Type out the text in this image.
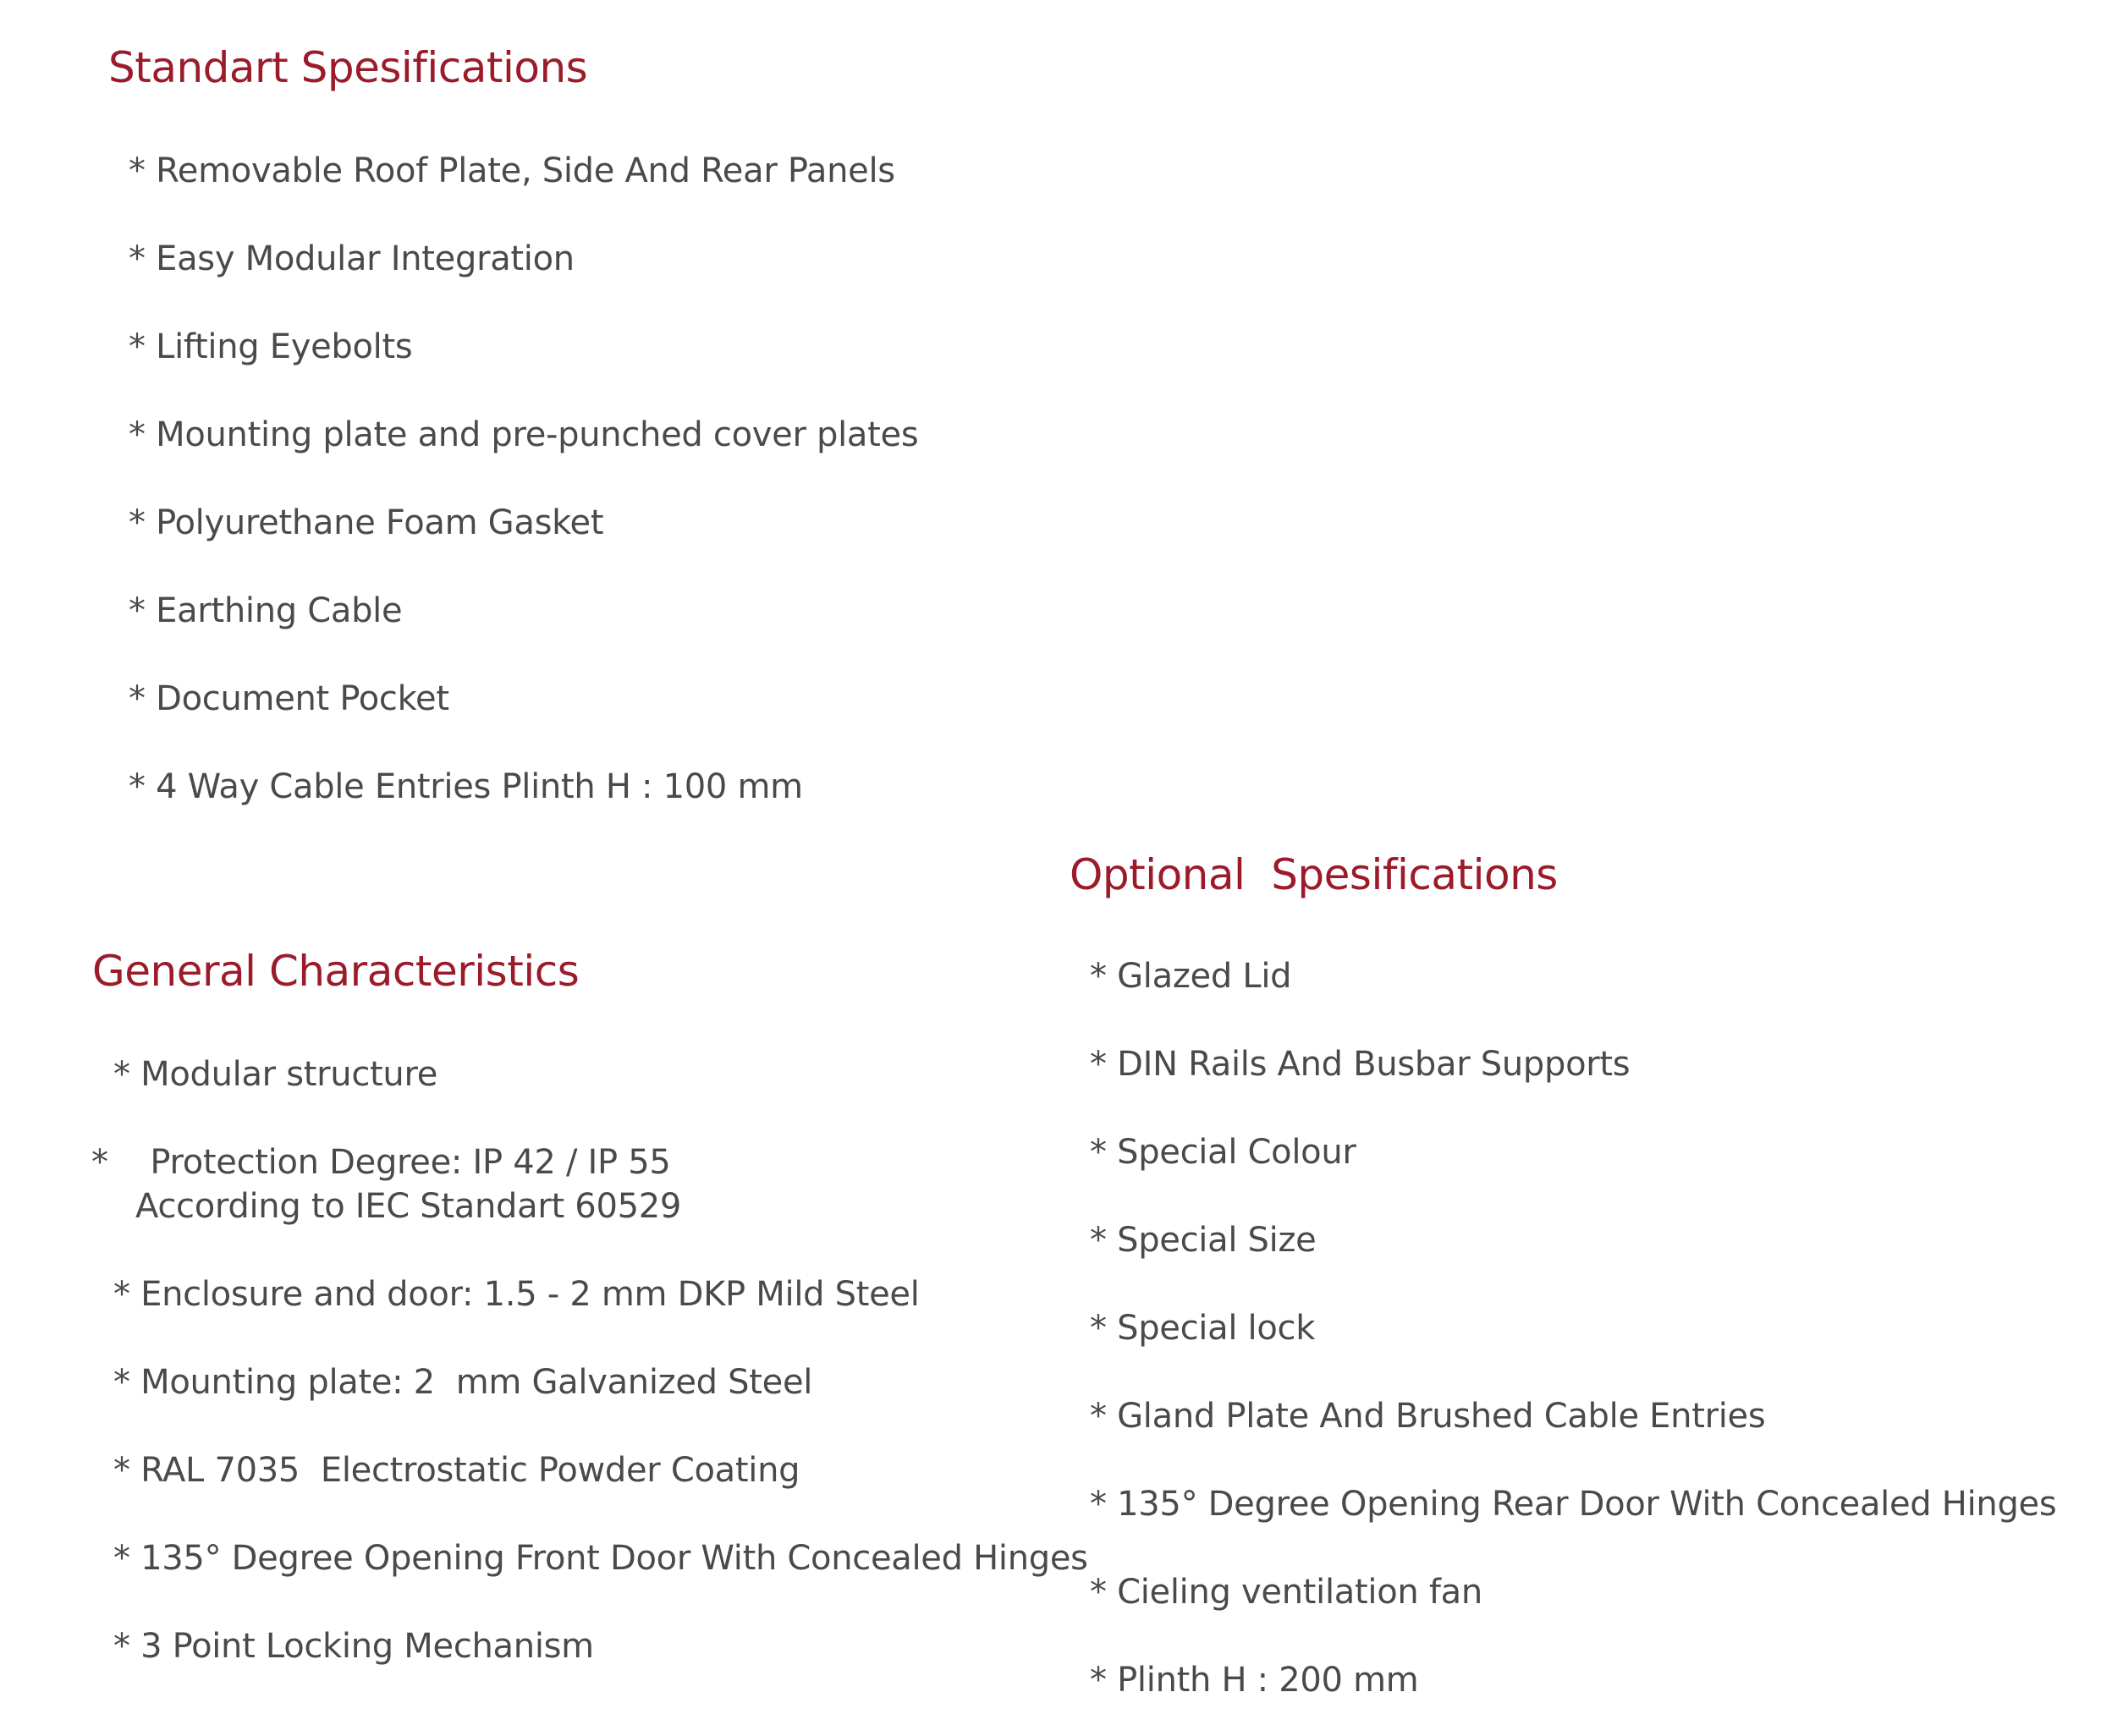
Standart Spesifications
* Removable Roof Plate, Side And Rear Panels
* Easy Modular Integration
* Lifting Eyebolts
* Mounting plate and pre-punched cover plates
* Polyurethane Foam Gasket
* Earthing Cable
* Document Pocket
* 4 Way Cable Entries Plinth H : 100 mm
General Characteristics
* Modular structure
*    Protection Degree: IP 42 / IP 55
According to IEC Standart 60529
* Enclosure and door: 1.5 - 2 mm DKP Mild Steel
* Mounting plate: 2  mm Galvanized Steel
* RAL 7035  Electrostatic Powder Coating
* 135° Degree Opening Front Door With Concealed Hinges
* 3 Point Locking Mechanism
Optional  Spesifications
* Glazed Lid
* DIN Rails And Busbar Supports
* Special Colour
* Special Size
* Special lock
* Gland Plate And Brushed Cable Entries
* 135° Degree Opening Rear Door With Concealed Hinges
* Cieling ventilation fan
* Plinth H : 200 mm
